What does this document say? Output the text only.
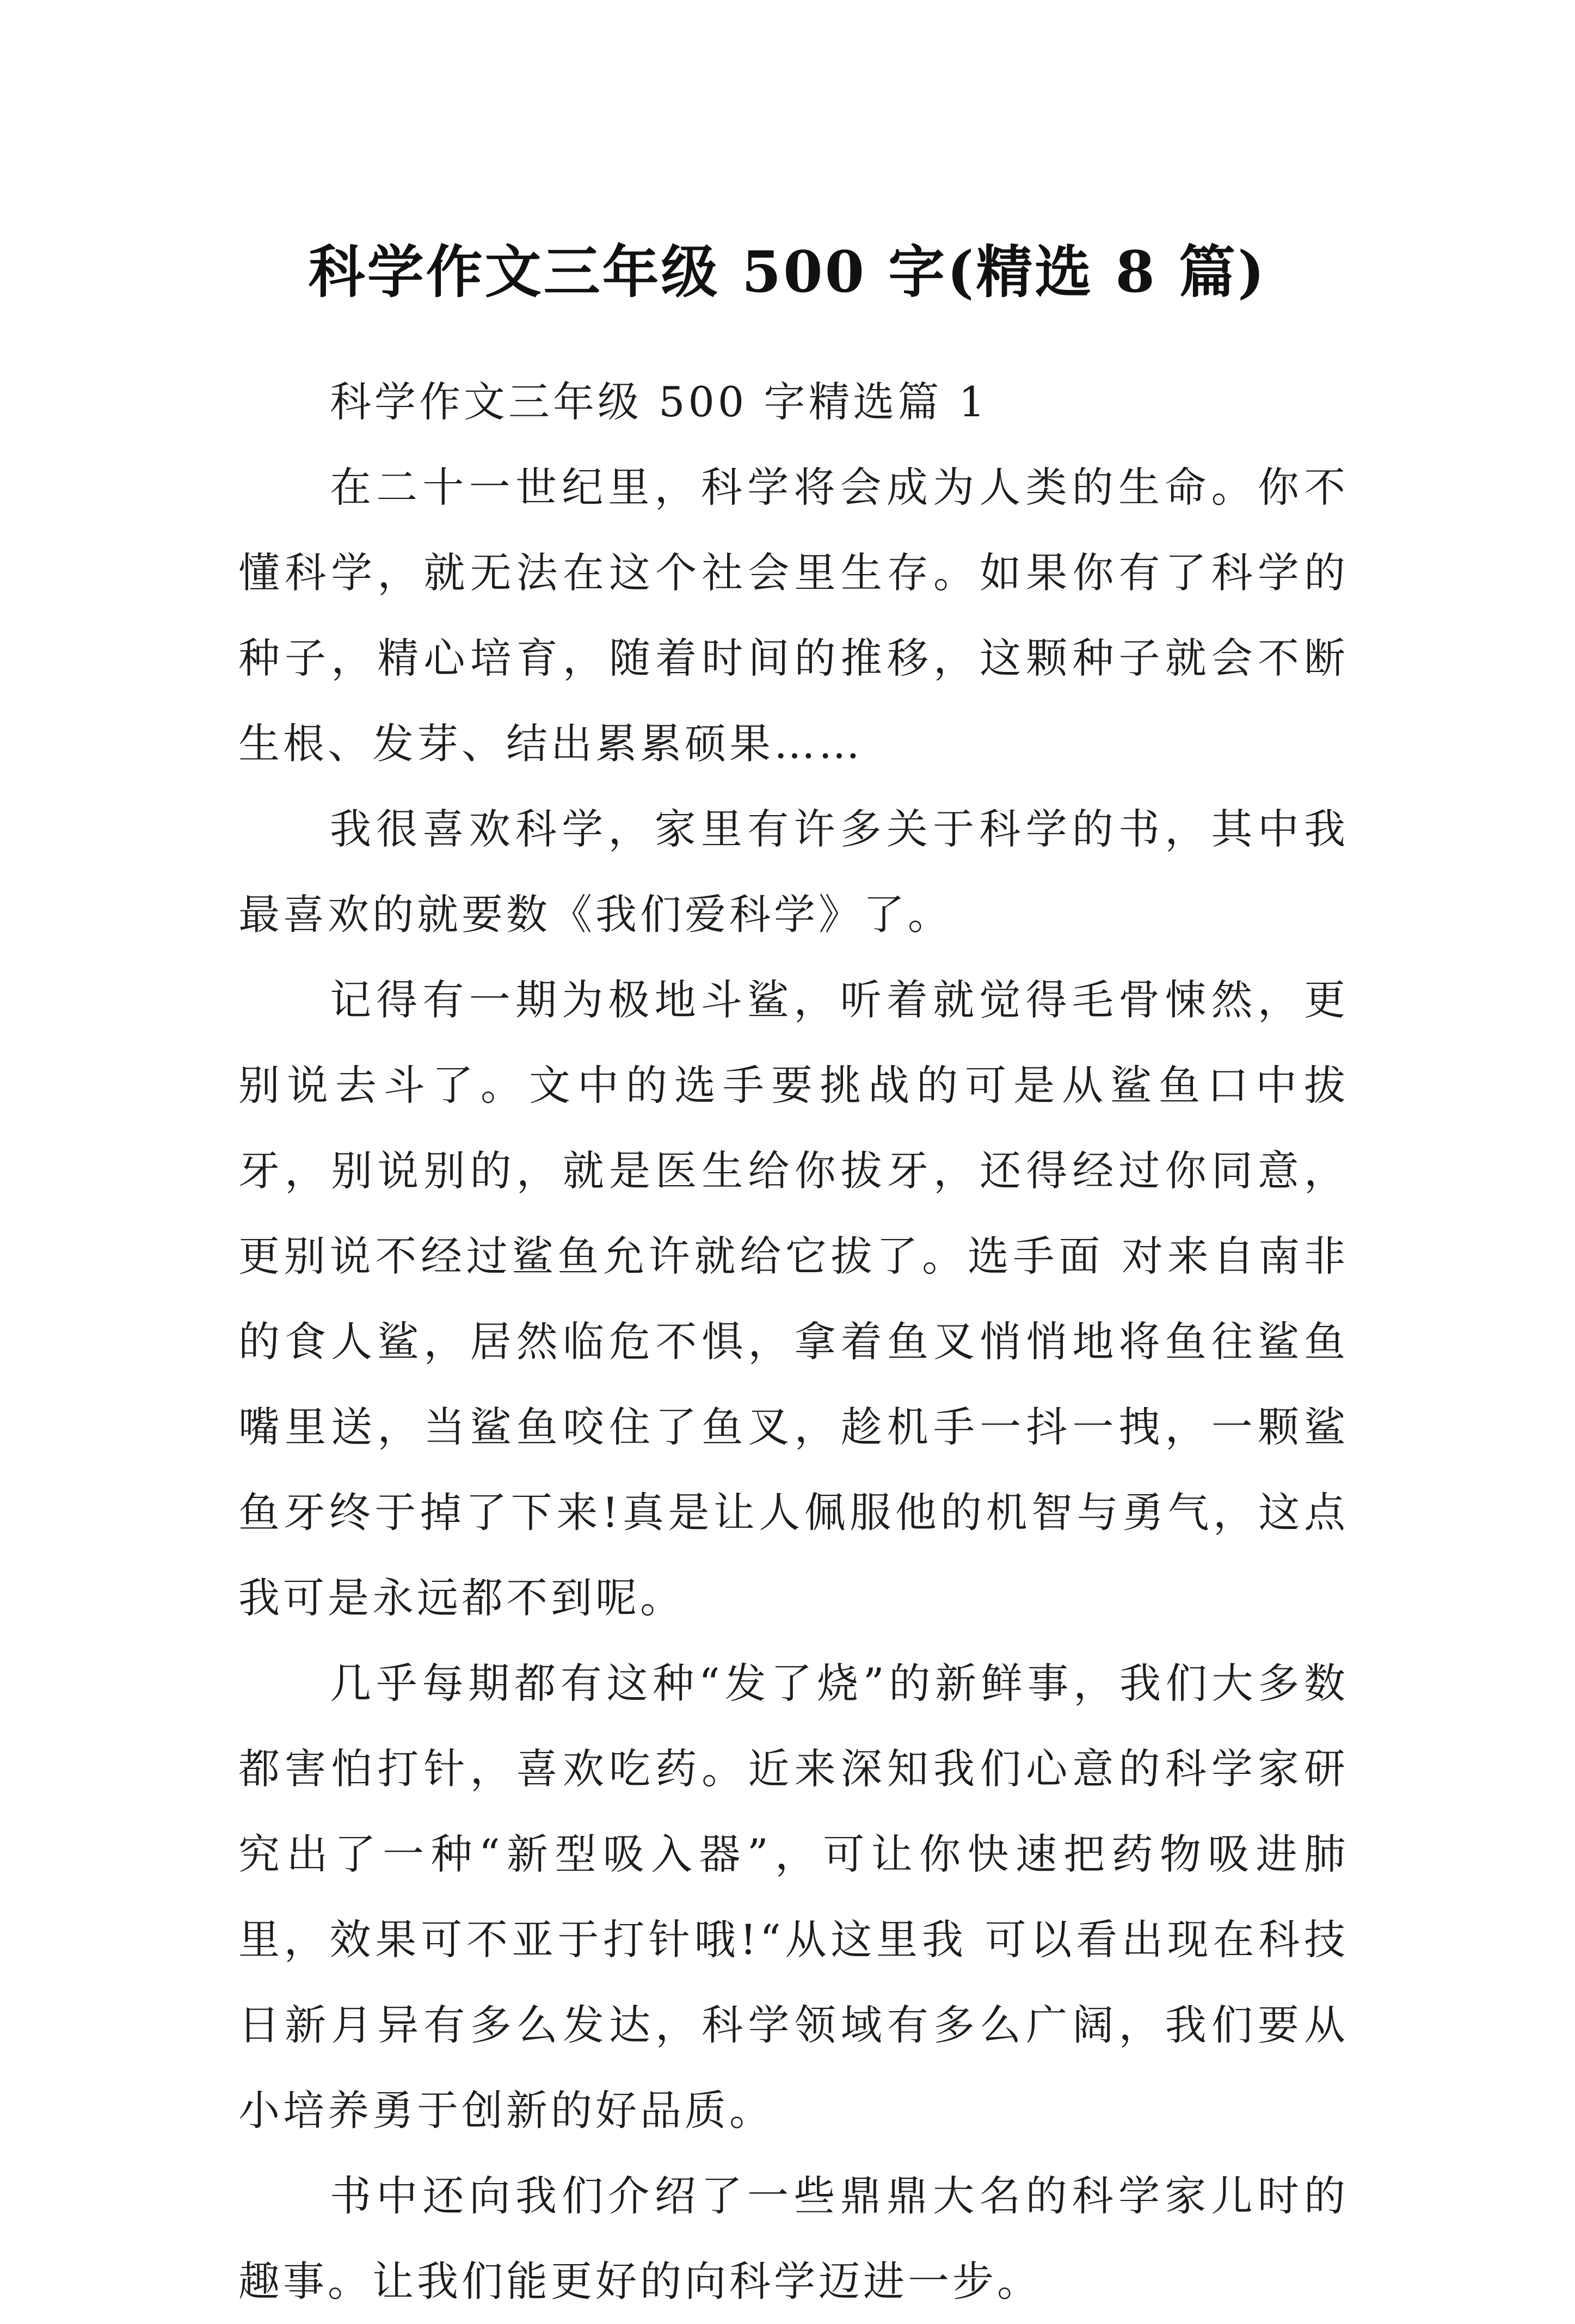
科学作文三年级 500 字(精选 8 篇)

科学作文三年级 500 字精选篇 1

在二十一世纪里，科学将会成为人类的生命。你不懂科学，就无法在这个社会里生存。如果你有了科学的种子，精心培育，随着时间的推移，这颗种子就会不断生根、发芽、结出累累硕果……

我很喜欢科学，家里有许多关于科学的书，其中我最喜欢的就要数《我们爱科学》了。

记得有一期为极地斗鲨，听着就觉得毛骨悚然，更别说去斗了。文中的选手要挑战的可是从鲨鱼口中拔牙，别说别的，就是医生给你拔牙，还得经过你同意，更别说不经过鲨鱼允许就给它拔了。选手面 对来自南非的食人鲨，居然临危不惧，拿着鱼叉悄悄地将鱼往鲨鱼嘴里送，当鲨鱼咬住了鱼叉，趁机手一抖一拽，一颗鲨鱼牙终于掉了下来!真是让人佩服他的机智与勇气，这点我可是永远都不到呢。

几乎每期都有这种“发了烧”的新鲜事，我们大多数都害怕打针，喜欢吃药。近来深知我们心意的科学家研究出了一种“新型吸入器”，可让你快速把药物吸进肺里，效果可不亚于打针哦!“从这里我 可以看出现在科技日新月异有多么发达，科学领域有多么广阔，我们要从小培养勇于创新的好品质。

书中还向我们介绍了一些鼎鼎大名的科学家儿时的趣事。让我们能更好的向科学迈进一步。
